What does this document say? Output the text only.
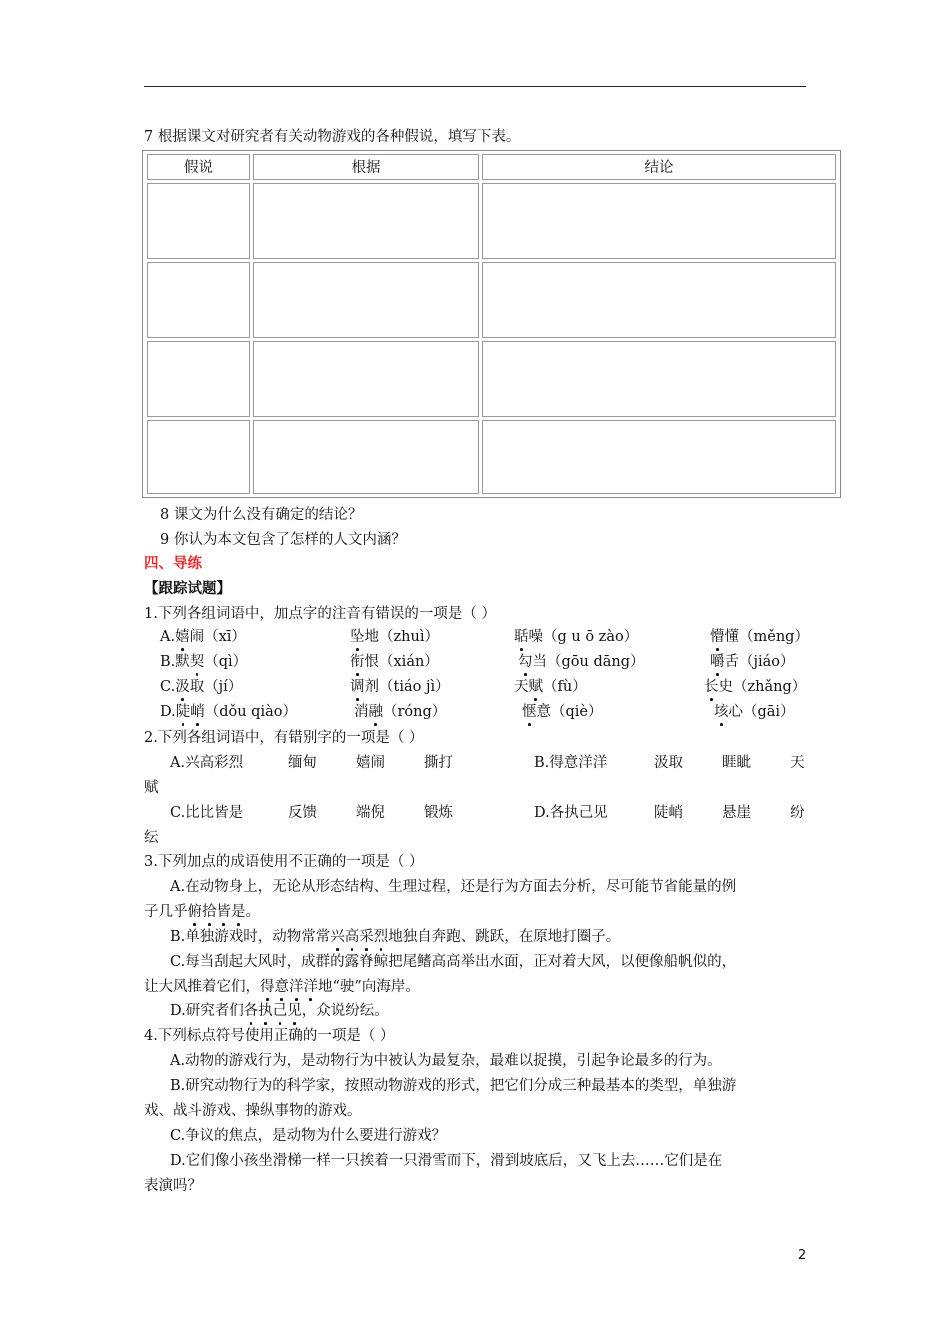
7 根据课文对研究者有关动物游戏的各种假说，填写下表。
假说	根据	结论
8 课文为什么没有确定的结论？
9 你认为本文包含了怎样的人文内涵？
四、导练
【跟踪试题】
1.下列各组词语中，加点字的注音有错误的一项是（ ）
A.嬉闹（xī）	坠地（zhuì）	聒噪（g u ō zào）	懵懂（měng）
B.默契（qì）	衔恨（xián）	勾当（gōu dāng）	嚼舌（jiáo）
C.汲取（jí）	调剂（tiáo jì）	天赋（fù）	长史（zhǎng）
D.陡峭（dǒu qiào）	消融（róng）	惬意（qiè）	垓心（gāi）
2.下列各组词语中，有错别字的一项是（ ）
A.兴高彩烈	缅甸	嬉闹	撕打	B.得意洋洋	汲取	睚眦	天
赋
C.比比皆是	反馈	端倪	锻炼	D.各执己见	陡峭	悬崖	纷
纭
3.下列加点的成语使用不正确的一项是（ ）
A.在动物身上，无论从形态结构、生理过程，还是行为方面去分析，尽可能节省能量的例
子几乎俯拾皆是。
B.单独游戏时，动物常常兴高采烈地独自奔跑、跳跃，在原地打圈子。
C.每当刮起大风时，成群的露脊鲸把尾鳍高高举出水面，正对着大风，以便像船帆似的，
让大风推着它们，得意洋洋地“驶”向海岸。
D.研究者们各执己见，众说纷纭。
4.下列标点符号使用正确的一项是（ ）
A.动物的游戏行为，是动物行为中被认为最复杂，最难以捉摸，引起争论最多的行为。
B.研究动物行为的科学家，按照动物游戏的形式，把它们分成三种最基本的类型，单独游
戏、战斗游戏、操纵事物的游戏。
C.争议的焦点，是动物为什么要进行游戏？
D.它们像小孩坐滑梯一样一只挨着一只滑雪而下，滑到坡底后，又飞上去……它们是在
表演吗？
2
